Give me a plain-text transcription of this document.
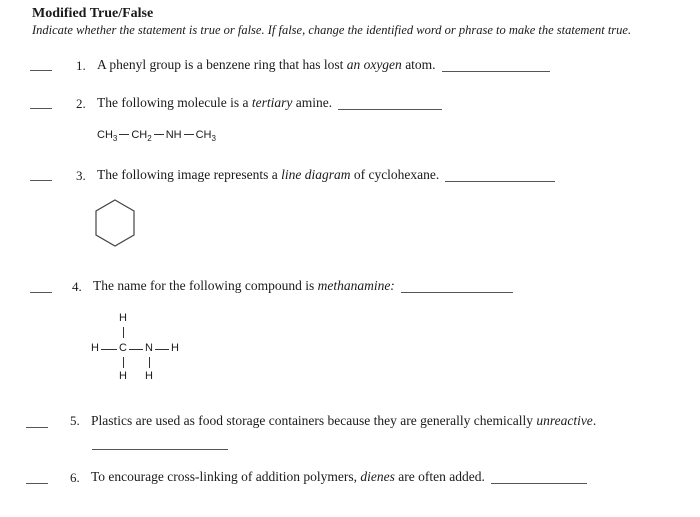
Modified True/False
Indicate whether the statement is true or false. If false, change the identified word or phrase to make the statement true.
1. A phenyl group is a benzene ring that has lost an oxygen atom.
2. The following molecule is a tertiary amine.
$CH_3$ $CH_2$ NH $CH_3$
3. The following image represents a line diagram of cyclohexane.
4. The name for the following compound is methanamine:
H
H C N H
H H
5. Plastics are used as food storage containers because they are generally chemically unreactive.
6. To encourage cross-linking of addition polymers, dienes are often added.
